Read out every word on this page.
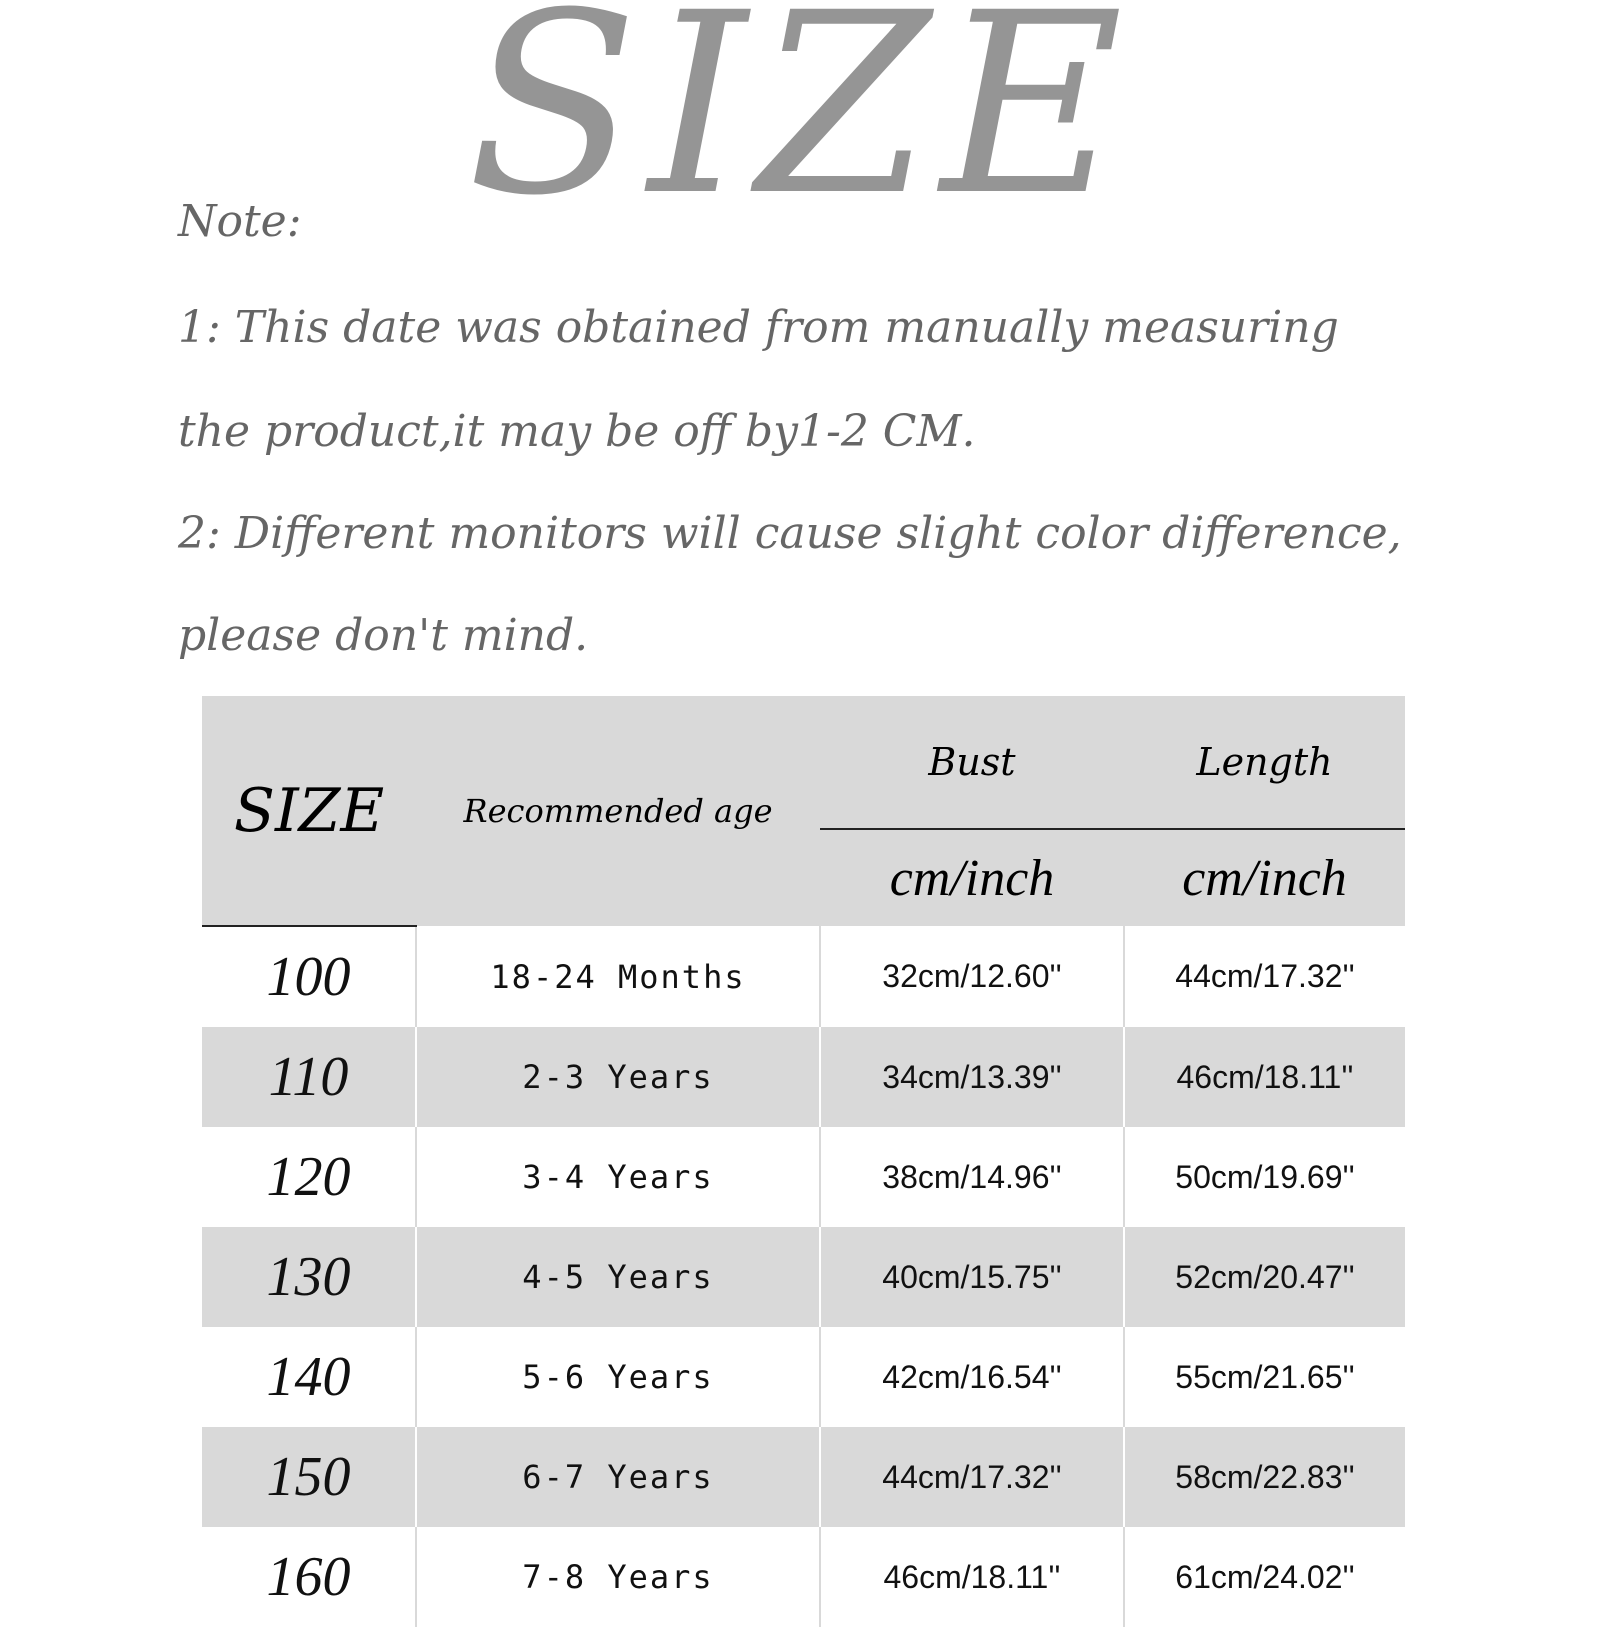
SIZE
Note:
1: This date was obtained from manually measuring
the product,it may be off by1-2 CM.
2: Different monitors will cause slight color difference,
please don't mind.
SIZE	Recommended age	Bust	Length
		cm/inch	cm/inch
100	18-24 Months	32cm/12.60''	44cm/17.32''
110	2-3 Years	34cm/13.39''	46cm/18.11''
120	3-4 Years	38cm/14.96''	50cm/19.69''
130	4-5 Years	40cm/15.75''	52cm/20.47''
140	5-6 Years	42cm/16.54''	55cm/21.65''
150	6-7 Years	44cm/17.32''	58cm/22.83''
160	7-8 Years	46cm/18.11''	61cm/24.02''
